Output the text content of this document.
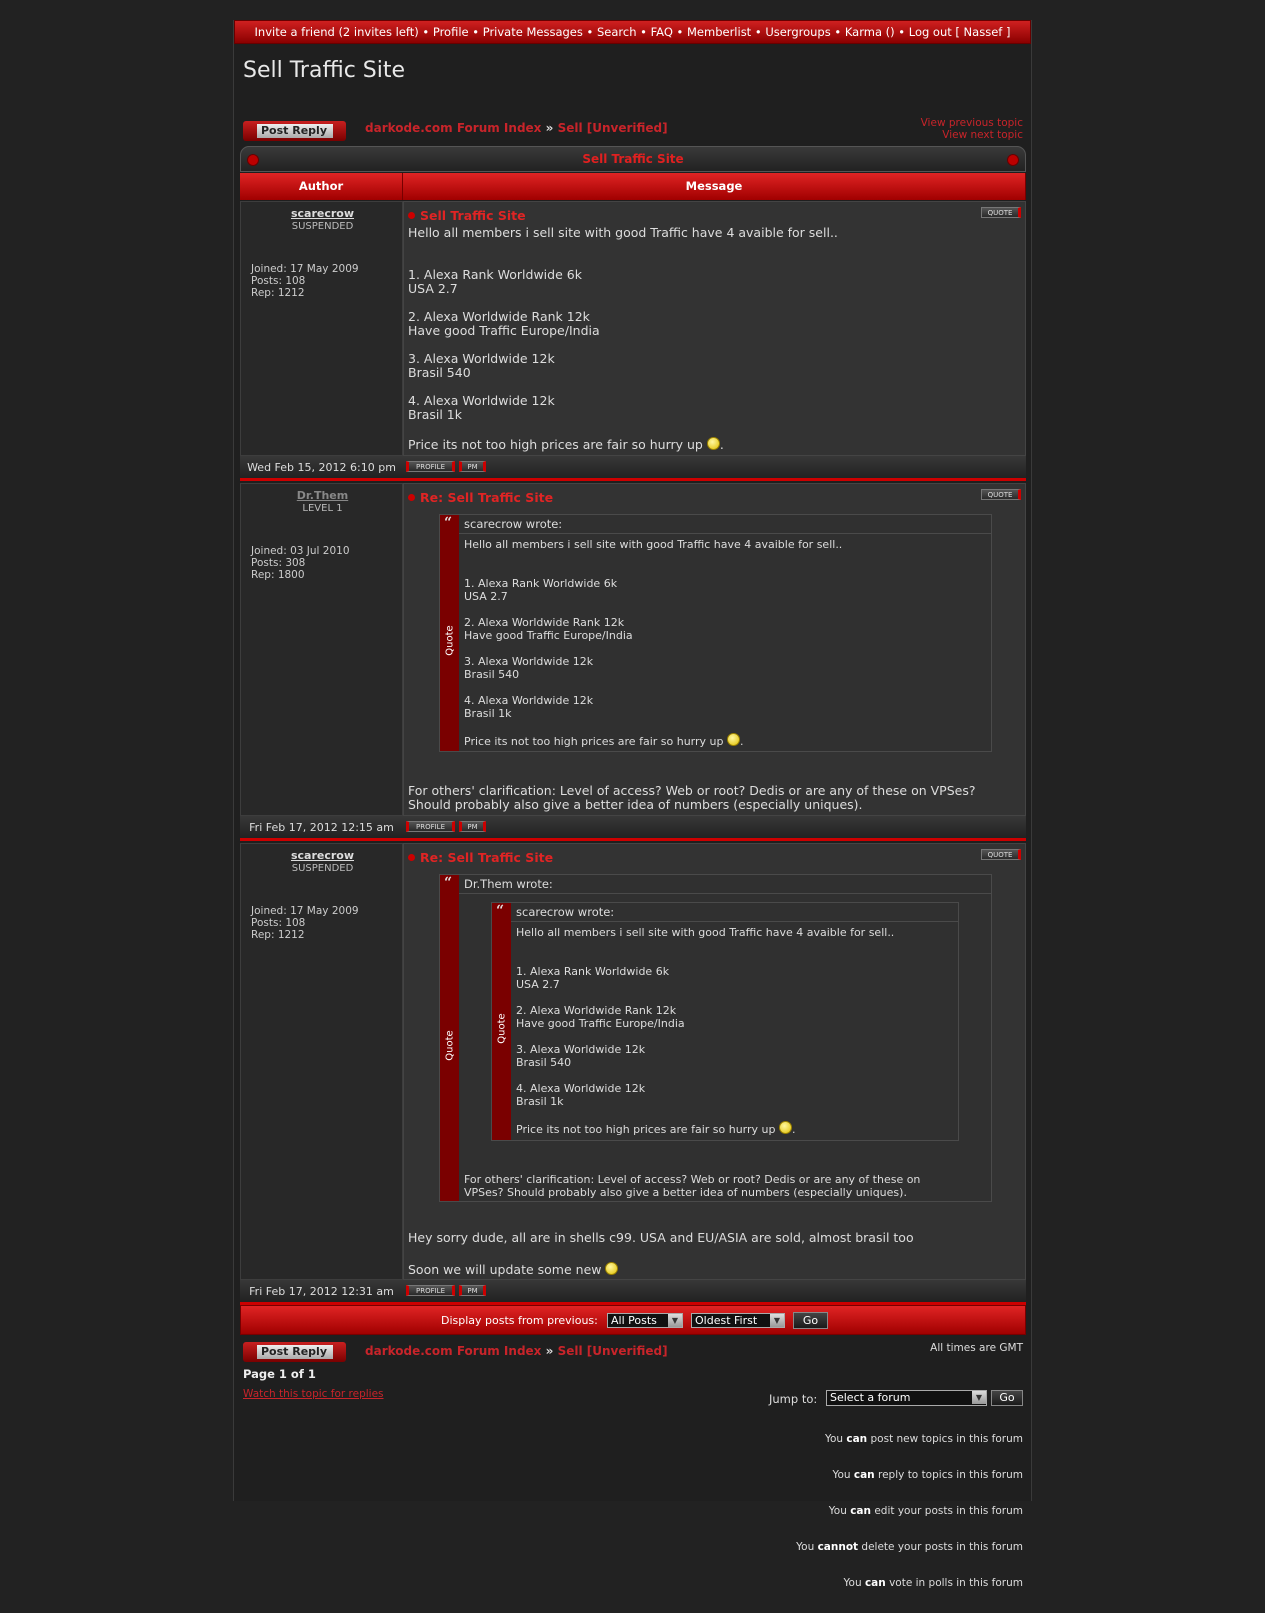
Invite a friend (2 invites left) • Profile • Private Messages • Search • FAQ • Memberlist • Usergroups • Karma () • Log out [ Nassef ]
Sell Traffic Site
Post Reply	darkode.com Forum Index » Sell [Unverified]	View previous topic
View next topic
Sell Traffic Site
Author	Message
scarecrow
SUSPENDED
Joined: 17 May 2009
Posts: 108
Rep: 1212
Sell Traffic Site	QUOTE
Hello all members i sell site with good Traffic have 4 avaible for sell..

1. Alexa Rank Worldwide 6k
USA 2.7

2. Alexa Worldwide Rank 12k
Have good Traffic Europe/India

3. Alexa Worldwide 12k
Brasil 540

4. Alexa Worldwide 12k
Brasil 1k
Price its not too high prices are fair so hurry up .
Wed Feb 15, 2012 6:10 pm	PROFILE	PM
Dr.Them
LEVEL 1
Joined: 03 Jul 2010
Posts: 308
Rep: 1800
Re: Sell Traffic Site	QUOTE
“
Quote
scarecrow wrote:
Hello all members i sell site with good Traffic have 4 avaible for sell..

1. Alexa Rank Worldwide 6k
USA 2.7

2. Alexa Worldwide Rank 12k
Have good Traffic Europe/India

3. Alexa Worldwide 12k
Brasil 540

4. Alexa Worldwide 12k
Brasil 1k
Price its not too high prices are fair so hurry up .
For others' clarification: Level of access? Web or root? Dedis or are any of these on VPSes?
Should probably also give a better idea of numbers (especially uniques).
Fri Feb 17, 2012 12:15 am	PROFILE	PM
scarecrow
SUSPENDED
Joined: 17 May 2009
Posts: 108
Rep: 1212
Re: Sell Traffic Site	QUOTE
“
Quote
Dr.Them wrote:
“
Quote
scarecrow wrote:
Hello all members i sell site with good Traffic have 4 avaible for sell..

1. Alexa Rank Worldwide 6k
USA 2.7

2. Alexa Worldwide Rank 12k
Have good Traffic Europe/India

3. Alexa Worldwide 12k
Brasil 540

4. Alexa Worldwide 12k
Brasil 1k
Price its not too high prices are fair so hurry up .
For others' clarification: Level of access? Web or root? Dedis or are any of these on
VPSes? Should probably also give a better idea of numbers (especially uniques).
Hey sorry dude, all are in shells c99. USA and EU/ASIA are sold, almost brasil too
Soon we will update some new
Fri Feb 17, 2012 12:31 am	PROFILE	PM
Display posts from previous:	All Posts	▼	Oldest First	▼	Go
Post Reply	darkode.com Forum Index » Sell [Unverified]	All times are GMT
Page 1 of 1
Watch this topic for replies	Jump to:	Select a forum	▼	Go

You can post new topics in this forum

You can reply to topics in this forum

You can edit your posts in this forum

You cannot delete your posts in this forum

You can vote in polls in this forum
